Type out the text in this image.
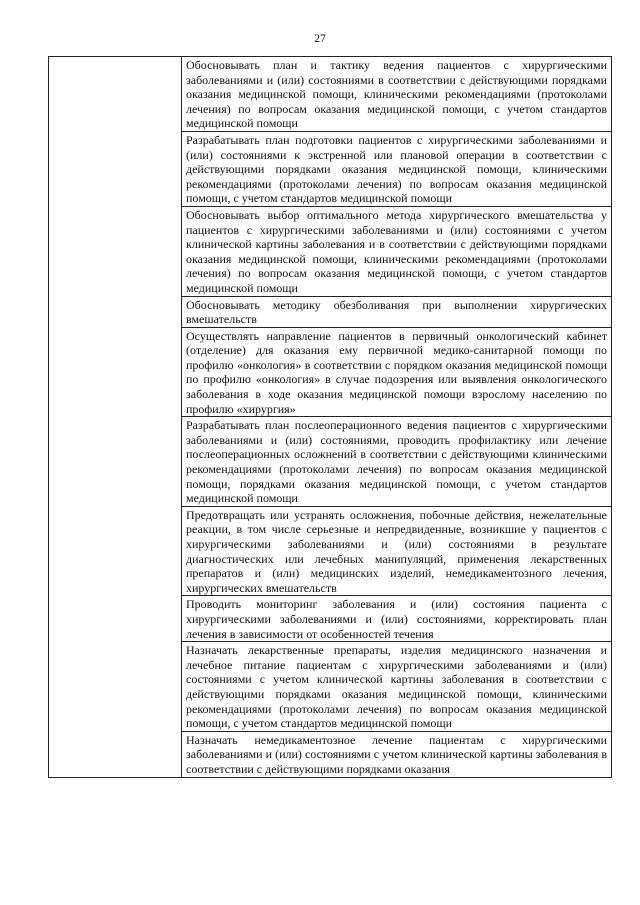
27
	Обосновывать план и тактику ведения пациентов с хирургическими заболеваниями и (или) состояниями в соответствии с действующими порядками оказания медицинской помощи, клиническими рекомендациями (протоколами лечения) по вопросам оказания медицинской помощи, с учетом стандартов медицинской помощи
Разрабатывать план подготовки пациентов с хирургическими заболеваниями и (или) состояниями к экстренной или плановой операции в соответствии с действующими порядками оказания медицинской помощи, клиническими рекомендациями (протоколами лечения) по вопросам оказания медицинской помощи, с учетом стандартов медицинской помощи
Обосновывать выбор оптимального метода хирургического вмешательства у пациентов с хирургическими заболеваниями и (или) состояниями с учетом клинической картины заболевания и в соответствии с действующими порядками оказания медицинской помощи, клиническими рекомендациями (протоколами лечения) по вопросам оказания медицинской помощи, с учетом стандартов медицинской помощи
Обосновывать методику обезболивания при выполнении хирургических вмешательств
Осуществлять направление пациентов в первичный онкологический кабинет (отделение) для оказания ему первичной медико-санитарной помощи по профилю «онкология» в соответствии с порядком оказания медицинской помощи по профилю «онкология» в случае подозрения или выявления онкологического заболевания в ходе оказания медицинской помощи взрослому населению по профилю «хирургия»
Разрабатывать план послеоперационного ведения пациентов с хирургическими заболеваниями и (или) состояниями, проводить профилактику или лечение послеоперационных осложнений в соответствии с действующими клиническими рекомендациями (протоколами лечения) по вопросам оказания медицинской помощи, порядками оказания медицинской помощи, с учетом стандартов медицинской помощи
Предотвращать или устранять осложнения, побочные действия, нежелательные реакции, в том числе серьезные и непредвиденные, возникшие у пациентов с хирургическими заболеваниями и (или) состояниями в результате диагностических или лечебных манипуляций, применения лекарственных препаратов и (или) медицинских изделий, немедикаментозного лечения, хирургических вмешательств
Проводить мониторинг заболевания и (или) состояния пациента с хирургическими заболеваниями и (или) состояниями, корректировать план лечения в зависимости от особенностей течения
Назначать лекарственные препараты, изделия медицинского назначения и лечебное питание пациентам с хирургическими заболеваниями и (или) состояниями с учетом клинической картины заболевания в соответствии с действующими порядками оказания медицинской помощи, клиническими рекомендациями (протоколами лечения) по вопросам оказания медицинской помощи, с учетом стандартов медицинской помощи
Назначать немедикаментозное лечение пациентам с хирургическими заболеваниями и (или) состояниями с учетом клинической картины заболевания в соответствии с действующими порядками оказания
